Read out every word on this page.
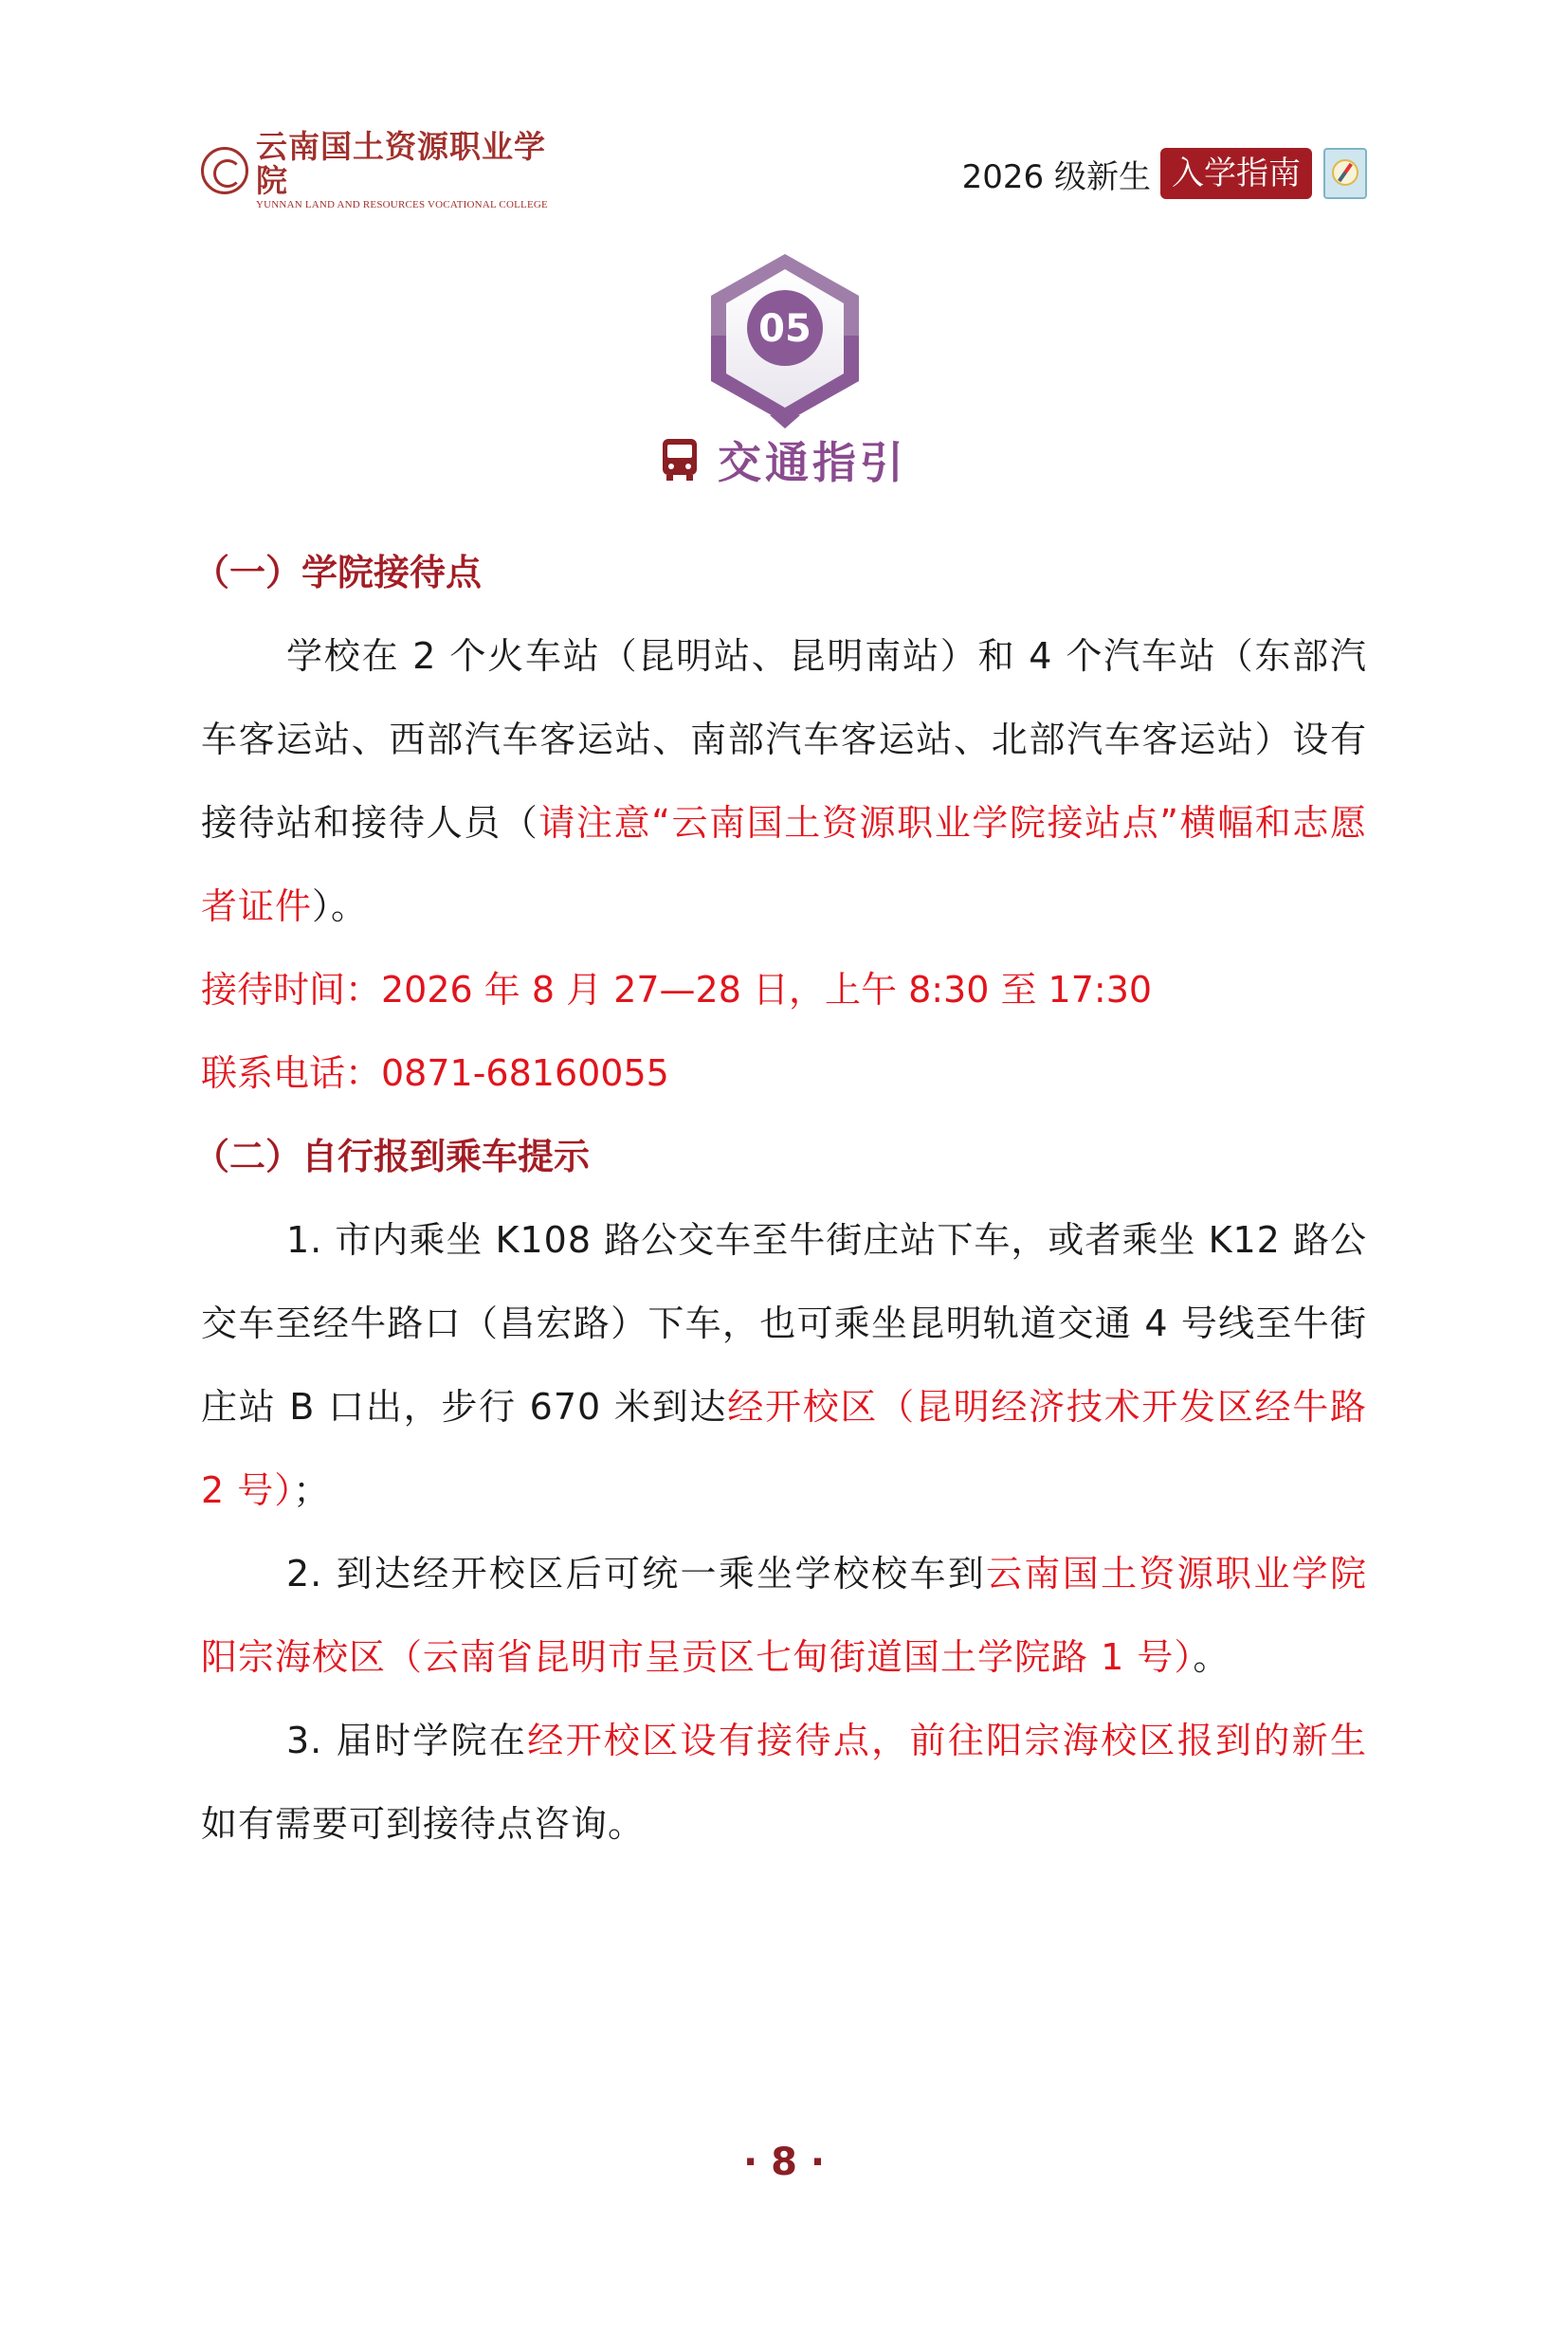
云南国土资源职业学院
YUNNAN LAND AND RESOURCES VOCATIONAL COLLEGE
2026 级新生 入学指南
05
交通指引
（一）学院接待点

学校在 2 个火车站（昆明站、昆明南站）和 4 个汽车站（东部汽车客运站、西部汽车客运站、南部汽车客运站、北部汽车客运站）设有接待站和接待人员（请注意“云南国土资源职业学院接站点”横幅和志愿者证件）。

接待时间：2026 年 8 月 27—28 日，上午 8:30 至 17:30
联系电话：0871-68160055
（二）自行报到乘车提示

1. 市内乘坐 K108 路公交车至牛街庄站下车，或者乘坐 K12 路公交车至经牛路口（昌宏路）下车，也可乘坐昆明轨道交通 4 号线至牛街庄站 B 口出，步行 670 米到达经开校区（昆明经济技术开发区经牛路 2 号）；

2. 到达经开校区后可统一乘坐学校校车到云南国土资源职业学院阳宗海校区（云南省昆明市呈贡区七甸街道国土学院路 1 号）。

3. 届时学院在经开校区设有接待点，前往阳宗海校区报到的新生如有需要可到接待点咨询。

· 8 ·
